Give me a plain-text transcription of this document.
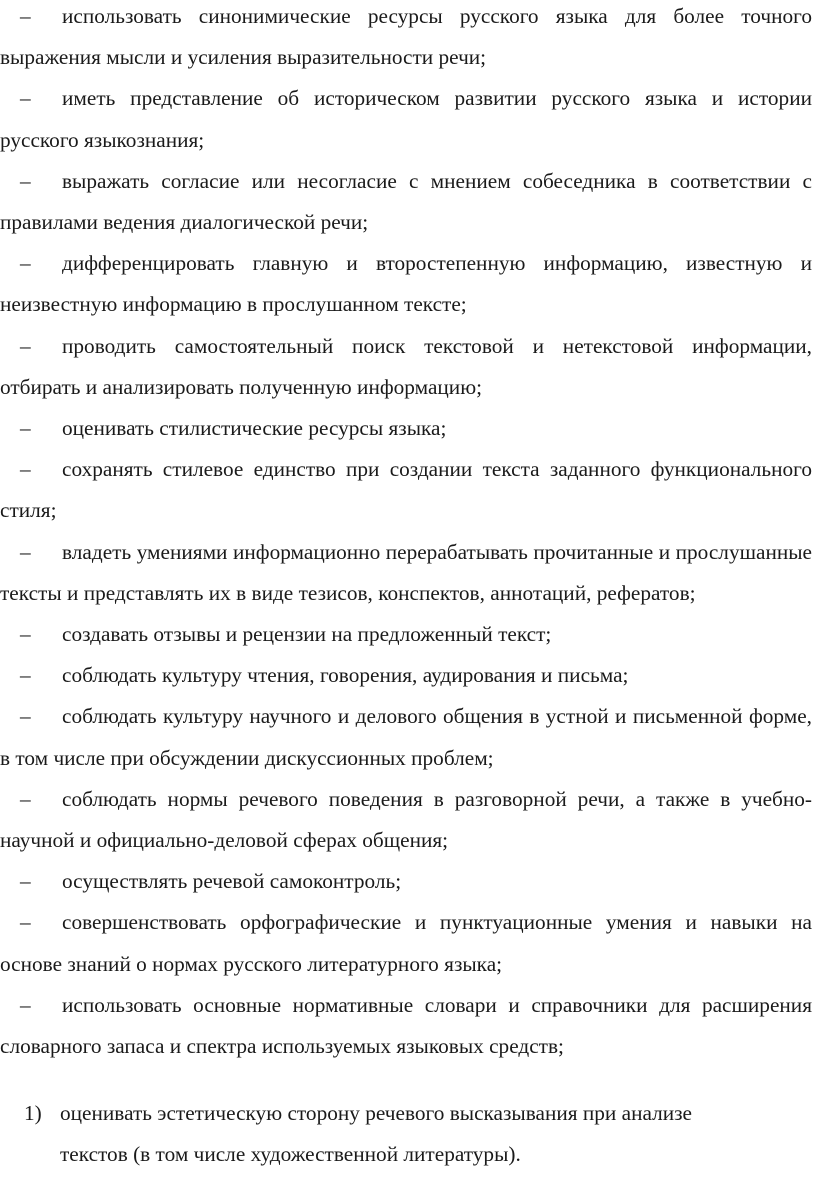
– использовать синонимические ресурсы русского языка для более точного выражения мысли и усиления выразительности речи;

– иметь представление об историческом развитии русского языка и истории русского языкознания;

– выражать согласие или несогласие с мнением собеседника в соответствии с правилами ведения диалогической речи;

– дифференцировать главную и второстепенную информацию, известную и неизвестную информацию в прослушанном тексте;

– проводить самостоятельный поиск текстовой и нетекстовой информации, отбирать и анализировать полученную информацию;

– оценивать стилистические ресурсы языка;

– сохранять стилевое единство при создании текста заданного функционального стиля;

– владеть умениями информационно перерабатывать прочитанные и прослушанные тексты и представлять их в виде тезисов, конспектов, аннотаций, рефератов;

– создавать отзывы и рецензии на предложенный текст;

– соблюдать культуру чтения, говорения, аудирования и письма;

– соблюдать культуру научного и делового общения в устной и письменной форме, в том числе при обсуждении дискуссионных проблем;

– соблюдать нормы речевого поведения в разговорной речи, а также в учебно-научной и официально-деловой сферах общения;

– осуществлять речевой самоконтроль;

– совершенствовать орфографические и пунктуационные умения и навыки на основе знаний о нормах русского литературного языка;

– использовать основные нормативные словари и справочники для расширения словарного запаса и спектра используемых языковых средств;

1) оценивать эстетическую сторону речевого высказывания при анализе
текстов (в том числе художественной литературы).
